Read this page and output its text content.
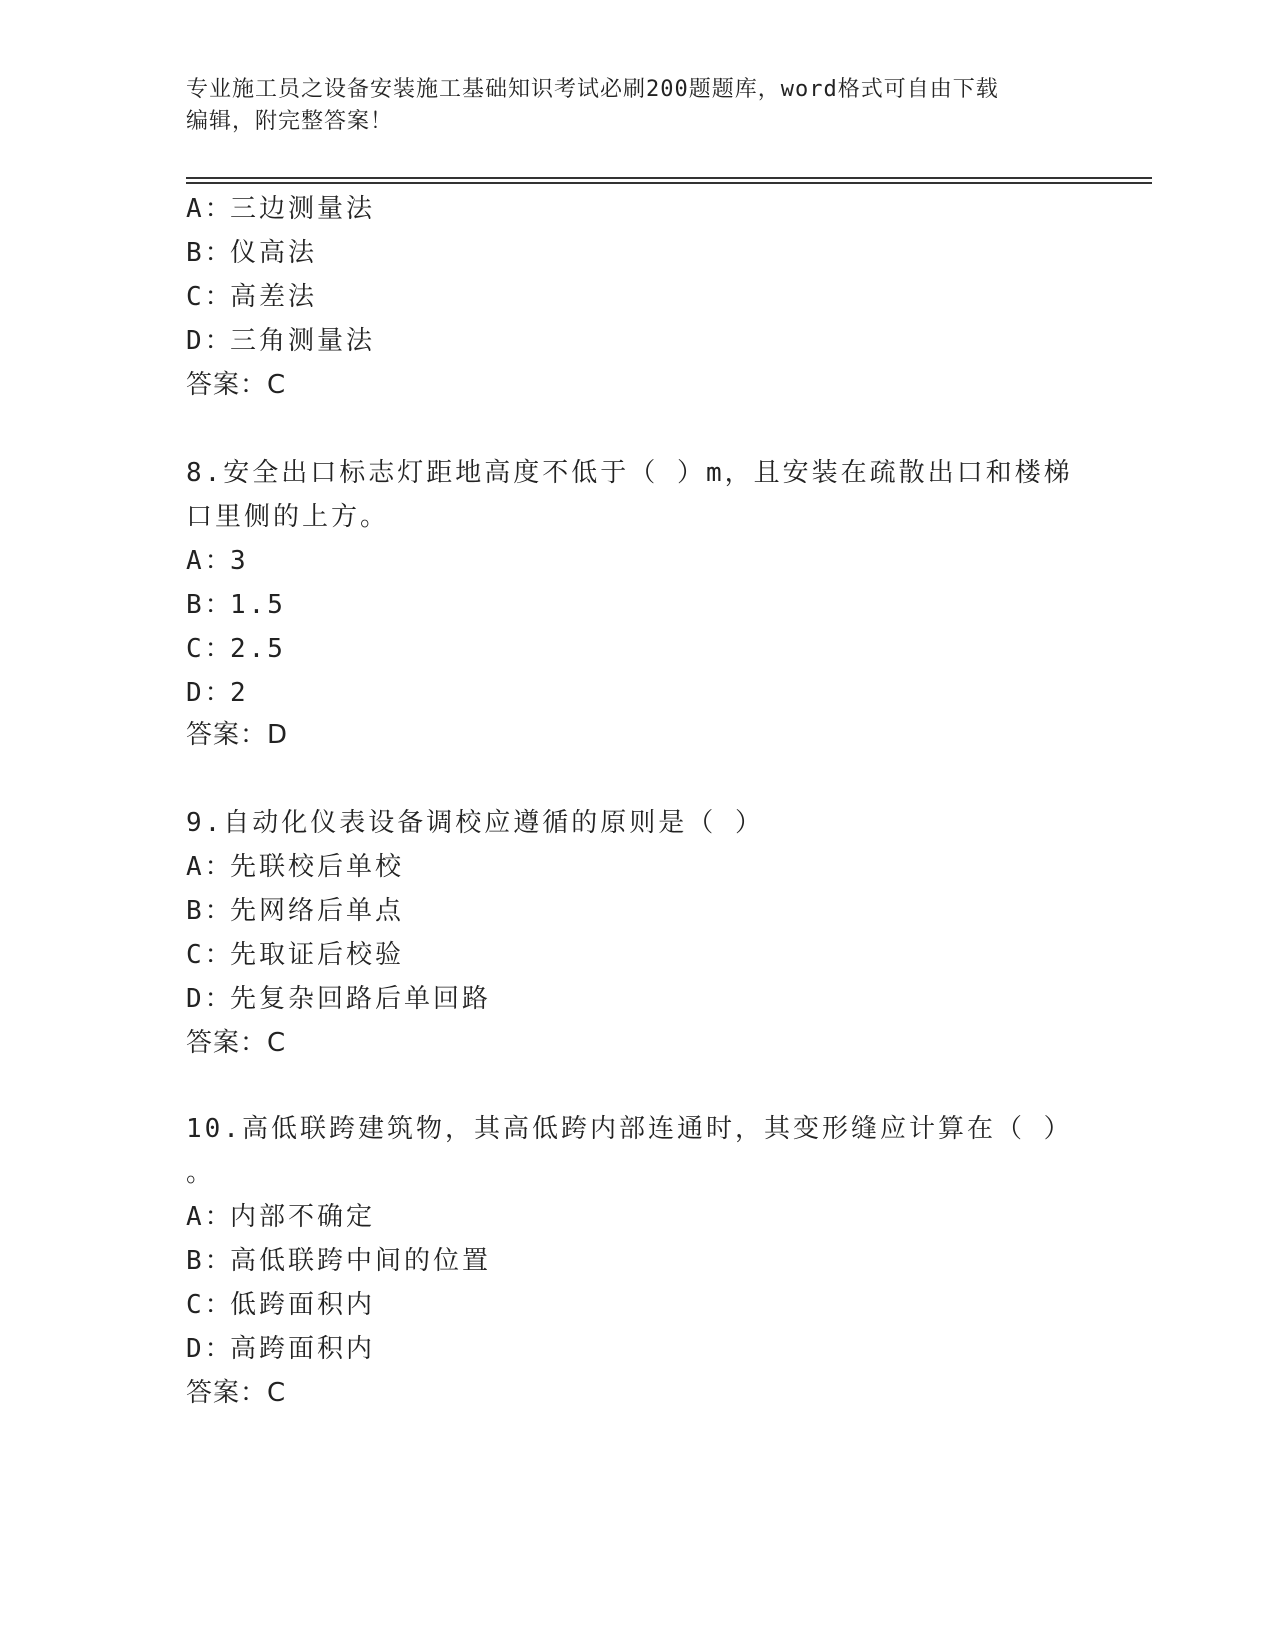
专业施工员之设备安装施工基础知识考试必刷200题题库，word格式可自由下载
编辑，附完整答案！
A：三边测量法
B：仪高法
C：高差法
D：三角测量法
答案：C
8.安全出口标志灯距地高度不低于（ ）m，且安装在疏散出口和楼梯
口里侧的上方。
A：3
B：1.5
C：2.5
D：2
答案：D
9.自动化仪表设备调校应遵循的原则是（ ）
A：先联校后单校
B：先网络后单点
C：先取证后校验
D：先复杂回路后单回路
答案：C
10.高低联跨建筑物，其高低跨内部连通时，其变形缝应计算在（ ）
。
A：内部不确定
B：高低联跨中间的位置
C：低跨面积内
D：高跨面积内
答案：C
